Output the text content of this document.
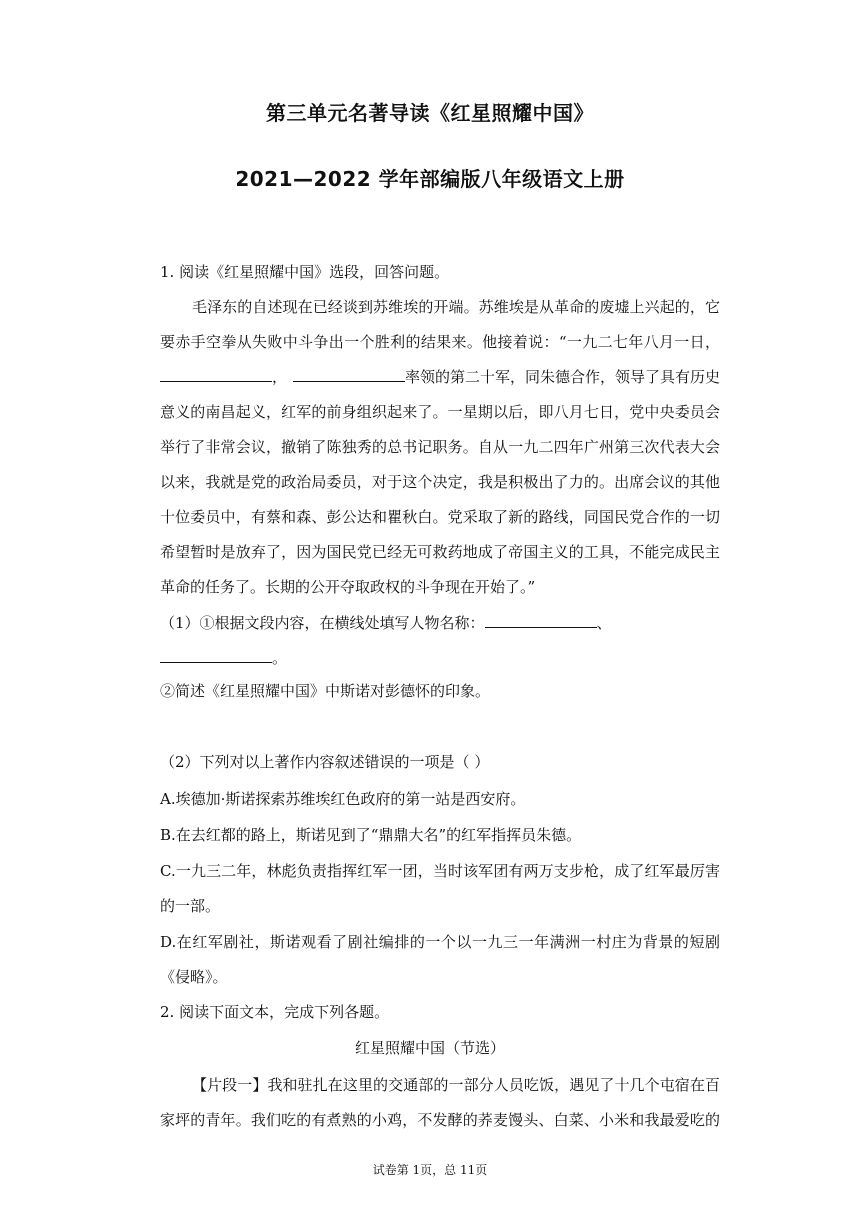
第三单元名著导读《红星照耀中国》
2021—2022 学年部编版八年级语文上册
1. 阅读《红星照耀中国》选段，回答问题。
毛泽东的自述现在已经谈到苏维埃的开端。苏维埃是从革命的废墟上兴起的，它
要赤手空拳从失败中斗争出一个胜利的结果来。他接着说：“一九二七年八月一日，
，	率领的第二十军，同朱德合作，领导了具有历史
意义的南昌起义，红军的前身组织起来了。一星期以后，即八月七日，党中央委员会
举行了非常会议，撤销了陈独秀的总书记职务。自从一九二四年广州第三次代表大会
以来，我就是党的政治局委员，对于这个决定，我是积极出了力的。出席会议的其他
十位委员中，有蔡和森、彭公达和瞿秋白。党采取了新的路线，同国民党合作的一切
希望暂时是放弃了，因为国民党已经无可救药地成了帝国主义的工具，不能完成民主
革命的任务了。长期的公开夺取政权的斗争现在开始了。”
（1）①根据文段内容，在横线处填写人物名称：	、
。
②简述《红星照耀中国》中斯诺对彭德怀的印象。
（2）下列对以上著作内容叙述错误的一项是（ ）
A.埃德加·斯诺探索苏维埃红色政府的第一站是西安府。
B.在去红都的路上，斯诺见到了“鼎鼎大名”的红军指挥员朱德。
C.一九三二年，林彪负责指挥红军一团，当时该军团有两万支步枪，成了红军最厉害
的一部。
D.在红军剧社，斯诺观看了剧社编排的一个以一九三一年满洲一村庄为背景的短剧
《侵略》。
2. 阅读下面文本，完成下列各题。
红星照耀中国（节选）
【片段一】我和驻扎在这里的交通部的一部分人员吃饭，遇见了十几个屯宿在百
家坪的青年。我们吃的有煮熟的小鸡，不发酵的荞麦馒头、白菜、小米和我最爱吃的
试卷第 1页，总 11页
